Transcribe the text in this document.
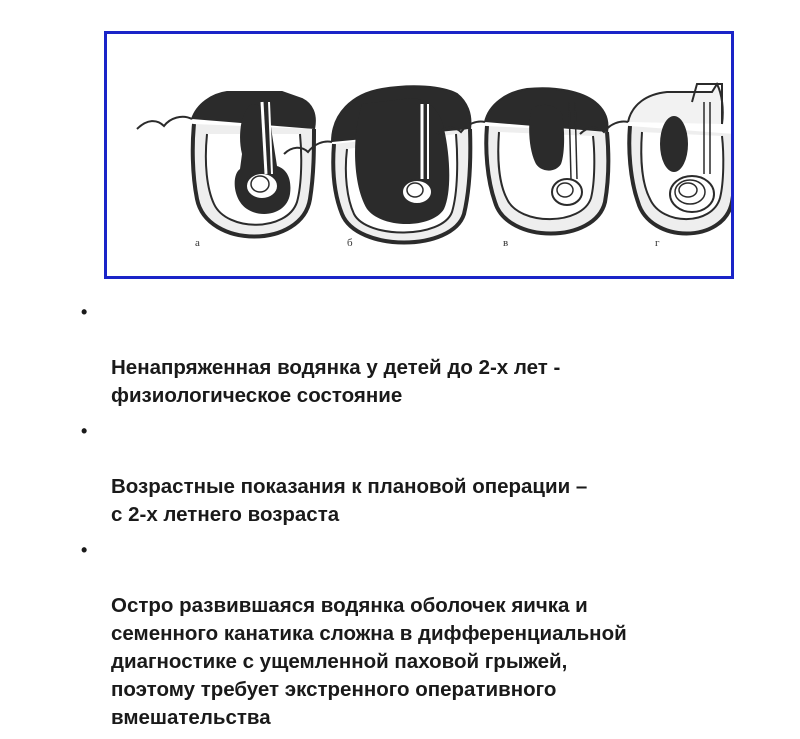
а	б	в	г

•

Ненапряженная водянка у детей до 2-х лет -
физиологическое состояние

•

Возрастные показания к плановой операции –
с 2-х летнего возраста

•

Остро развившаяся водянка оболочек яичка и
семенного канатика сложна в дифференциальной
диагностике с ущемленной паховой грыжей,
поэтому требует экстренного оперативного
вмешательства
